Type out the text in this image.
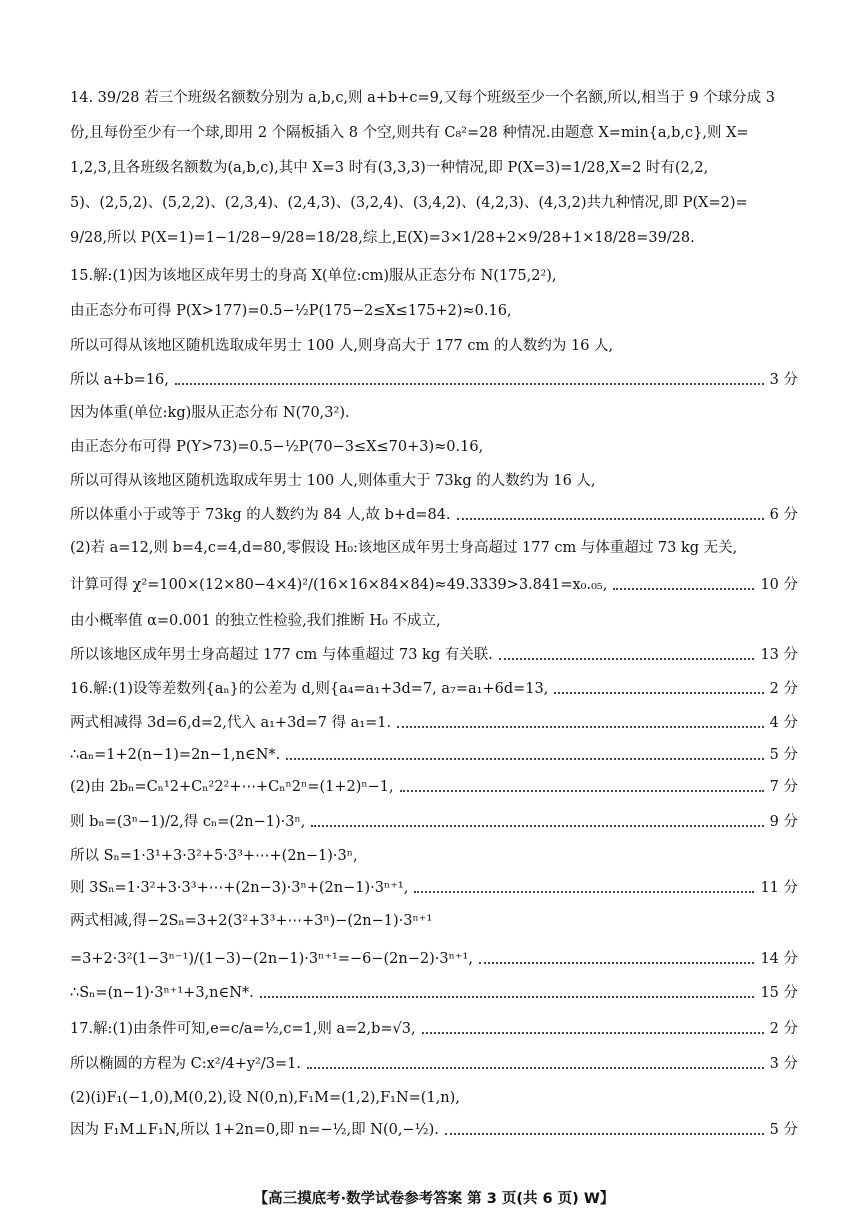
14. 39/28 若三个班级名额数分别为 a,b,c,则 a+b+c=9,又每个班级至少一个名额,所以,相当于 9 个球分成 3
份,且每份至少有一个球,即用 2 个隔板插入 8 个空,则共有 C₈²=28 种情况.由题意 X=min{a,b,c},则 X=
1,2,3,且各班级名额数为(a,b,c),其中 X=3 时有(3,3,3)一种情况,即 P(X=3)=1/28,X=2 时有(2,2,
5)、(2,5,2)、(5,2,2)、(2,3,4)、(2,4,3)、(3,2,4)、(3,4,2)、(4,2,3)、(4,3,2)共九种情况,即 P(X=2)=
9/28,所以 P(X=1)=1−1/28−9/28=18/28,综上,E(X)=3×1/28+2×9/28+1×18/28=39/28.
15.解:(1)因为该地区成年男士的身高 X(单位:cm)服从正态分布 N(175,2²),
由正态分布可得 P(X>177)=0.5−½P(175−2≤X≤175+2)≈0.16,
所以可得从该地区随机选取成年男士 100 人,则身高大于 177 cm 的人数约为 16 人,
所以 a+b=16,	3 分
因为体重(单位:kg)服从正态分布 N(70,3²).
由正态分布可得 P(Y>73)=0.5−½P(70−3≤X≤70+3)≈0.16,
所以可得从该地区随机选取成年男士 100 人,则体重大于 73kg 的人数约为 16 人,
所以体重小于或等于 73kg 的人数约为 84 人,故 b+d=84.	6 分
(2)若 a=12,则 b=4,c=4,d=80,零假设 H₀:该地区成年男士身高超过 177 cm 与体重超过 73 kg 无关,
计算可得 χ²=100×(12×80−4×4)²/(16×16×84×84)≈49.3339>3.841=x₀.₀₅,	10 分
由小概率值 α=0.001 的独立性检验,我们推断 H₀ 不成立,
所以该地区成年男士身高超过 177 cm 与体重超过 73 kg 有关联.	13 分
16.解:(1)设等差数列{aₙ}的公差为 d,则{a₄=a₁+3d=7, a₇=a₁+6d=13,	2 分
两式相减得 3d=6,d=2,代入 a₁+3d=7 得 a₁=1.	4 分
∴aₙ=1+2(n−1)=2n−1,n∈N*.	5 分
(2)由 2bₙ=Cₙ¹2+Cₙ²2²+⋯+Cₙⁿ2ⁿ=(1+2)ⁿ−1,	7 分
则 bₙ=(3ⁿ−1)/2,得 cₙ=(2n−1)·3ⁿ,	9 分
所以 Sₙ=1·3¹+3·3²+5·3³+⋯+(2n−1)·3ⁿ,
则 3Sₙ=1·3²+3·3³+⋯+(2n−3)·3ⁿ+(2n−1)·3ⁿ⁺¹,	11 分
两式相减,得−2Sₙ=3+2(3²+3³+⋯+3ⁿ)−(2n−1)·3ⁿ⁺¹
=3+2·3²(1−3ⁿ⁻¹)/(1−3)−(2n−1)·3ⁿ⁺¹=−6−(2n−2)·3ⁿ⁺¹,	14 分
∴Sₙ=(n−1)·3ⁿ⁺¹+3,n∈N*.	15 分
17.解:(1)由条件可知,e=c/a=½,c=1,则 a=2,b=√3,	2 分
所以椭圆的方程为 C:x²/4+y²/3=1.	3 分
(2)(ⅰ)F₁(−1,0),M(0,2),设 N(0,n),F₁M=(1,2),F₁N=(1,n),
因为 F₁M⊥F₁N,所以 1+2n=0,即 n=−½,即 N(0,−½).	5 分
【高三摸底考·数学试卷参考答案 第 3 页(共 6 页) W】
